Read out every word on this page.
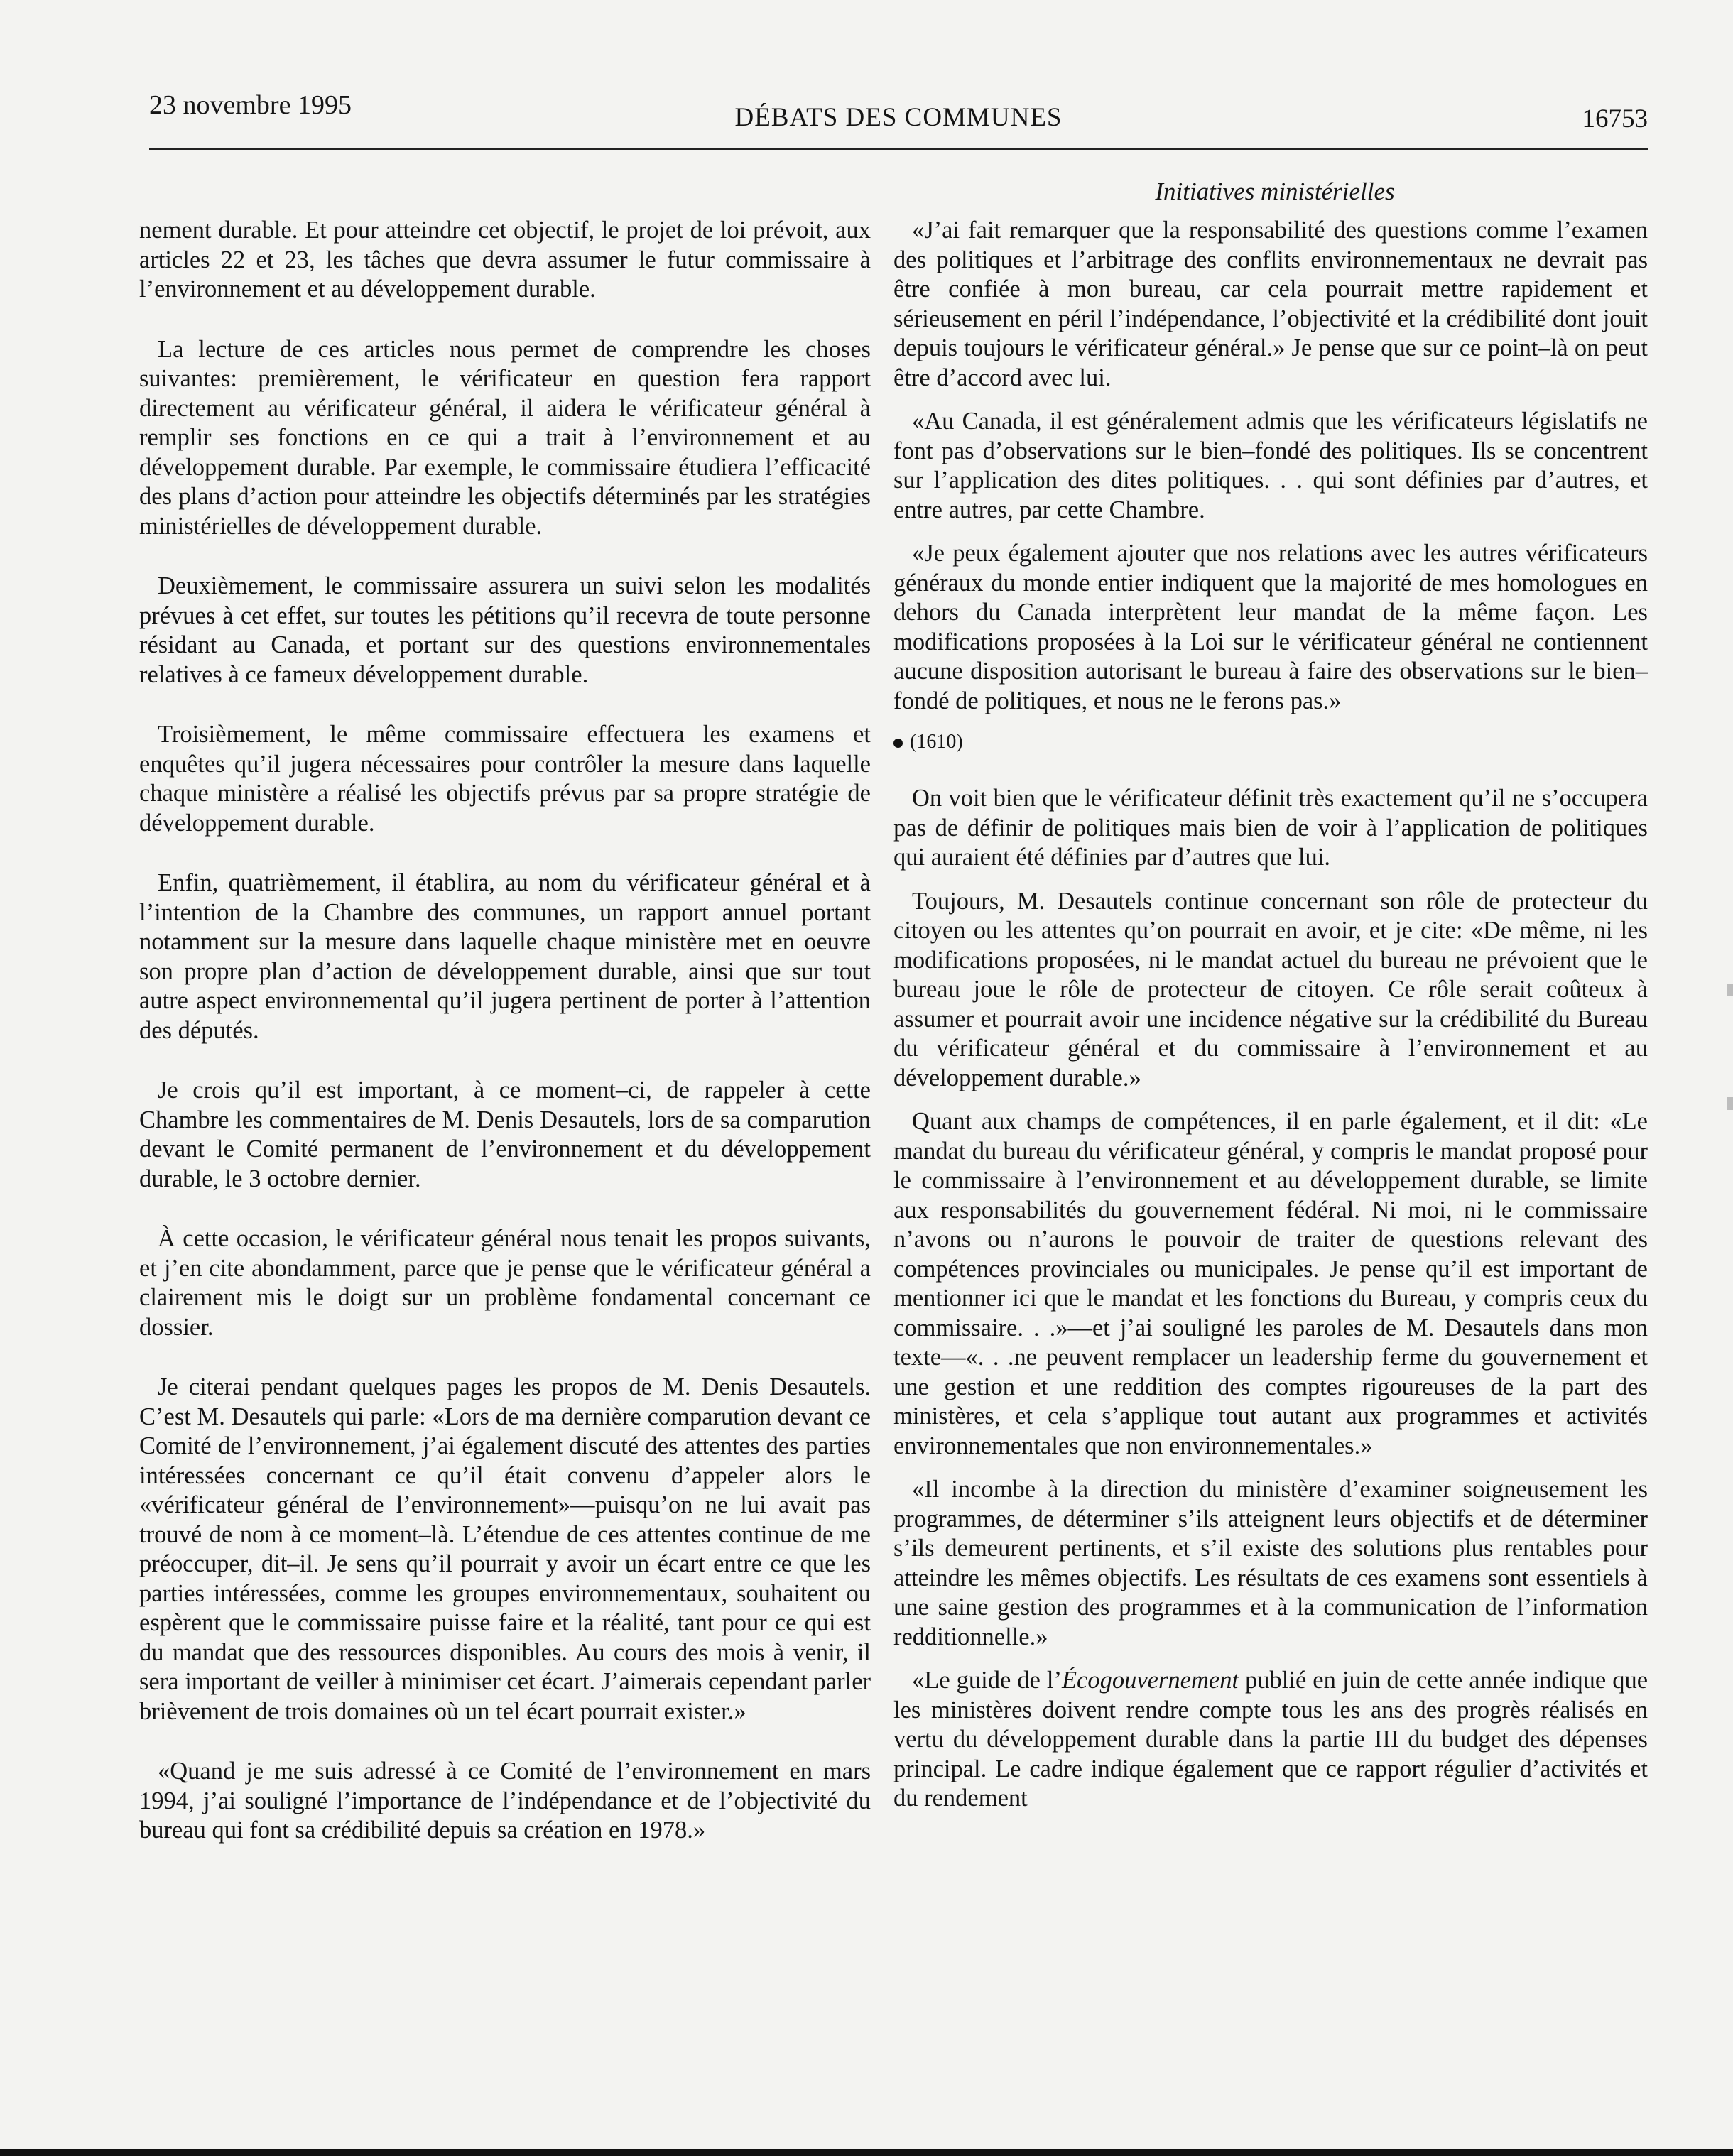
23 novembre 1995	DÉBATS DES COMMUNES	16753
Initiatives ministérielles

nement durable. Et pour atteindre cet objectif, le projet de loi prévoit, aux articles 22 et 23, les tâches que devra assumer le futur commissaire à l’environnement et au développement durable.

La lecture de ces articles nous permet de comprendre les choses suivantes: premièrement, le vérificateur en question fera rapport directement au vérificateur général, il aidera le vérificateur général à remplir ses fonctions en ce qui a trait à l’environnement et au développement durable. Par exemple, le commissaire étudiera l’efficacité des plans d’action pour atteindre les objectifs déterminés par les stratégies ministérielles de développement durable.

Deuxièmement, le commissaire assurera un suivi selon les modalités prévues à cet effet, sur toutes les pétitions qu’il recevra de toute personne résidant au Canada, et portant sur des questions environnementales relatives à ce fameux développement durable.

Troisièmement, le même commissaire effectuera les examens et enquêtes qu’il jugera nécessaires pour contrôler la mesure dans laquelle chaque ministère a réalisé les objectifs prévus par sa propre stratégie de développement durable.

Enfin, quatrièmement, il établira, au nom du vérificateur général et à l’intention de la Chambre des communes, un rapport annuel portant notamment sur la mesure dans laquelle chaque ministère met en oeuvre son propre plan d’action de développement durable, ainsi que sur tout autre aspect environnemental qu’il jugera pertinent de porter à l’attention des députés.

Je crois qu’il est important, à ce moment–ci, de rappeler à cette Chambre les commentaires de M. Denis Desautels, lors de sa comparution devant le Comité permanent de l’environnement et du développement durable, le 3 octobre dernier.

À cette occasion, le vérificateur général nous tenait les propos suivants, et j’en cite abondamment, parce que je pense que le vérificateur général a clairement mis le doigt sur un problème fondamental concernant ce dossier.

Je citerai pendant quelques pages les propos de M. Denis Desautels. C’est M. Desautels qui parle: «Lors de ma dernière comparution devant ce Comité de l’environnement, j’ai également discuté des attentes des parties intéressées concernant ce qu’il était convenu d’appeler alors le «vérificateur général de l’environnement»—puisqu’on ne lui avait pas trouvé de nom à ce moment–là. L’étendue de ces attentes continue de me préoccuper, dit–il. Je sens qu’il pourrait y avoir un écart entre ce que les parties intéressées, comme les groupes environnementaux, souhaitent ou espèrent que le commissaire puisse faire et la réalité, tant pour ce qui est du mandat que des ressources disponibles. Au cours des mois à venir, il sera important de veiller à minimiser cet écart. J’aimerais cependant parler brièvement de trois domaines où un tel écart pourrait exister.»

«Quand je me suis adressé à ce Comité de l’environnement en mars 1994, j’ai souligné l’importance de l’indépendance et de l’objectivité du bureau qui font sa crédibilité depuis sa création en 1978.»

«J’ai fait remarquer que la responsabilité des questions comme l’examen des politiques et l’arbitrage des conflits environnementaux ne devrait pas être confiée à mon bureau, car cela pourrait mettre rapidement et sérieusement en péril l’indépendance, l’objectivité et la crédibilité dont jouit depuis toujours le vérificateur général.» Je pense que sur ce point–là on peut être d’accord avec lui.

«Au Canada, il est généralement admis que les vérificateurs législatifs ne font pas d’observations sur le bien–fondé des politiques. Ils se concentrent sur l’application des dites politiques. . . qui sont définies par d’autres, et entre autres, par cette Chambre.

«Je peux également ajouter que nos relations avec les autres vérificateurs généraux du monde entier indiquent que la majorité de mes homologues en dehors du Canada interprètent leur mandat de la même façon. Les modifications proposées à la Loi sur le vérificateur général ne contiennent aucune disposition autorisant le bureau à faire des observations sur le bien–fondé de politiques, et nous ne le ferons pas.»

(1610)

On voit bien que le vérificateur définit très exactement qu’il ne s’occupera pas de définir de politiques mais bien de voir à l’application de politiques qui auraient été définies par d’autres que lui.

Toujours, M. Desautels continue concernant son rôle de protecteur du citoyen ou les attentes qu’on pourrait en avoir, et je cite: «De même, ni les modifications proposées, ni le mandat actuel du bureau ne prévoient que le bureau joue le rôle de protecteur de citoyen. Ce rôle serait coûteux à assumer et pourrait avoir une incidence négative sur la crédibilité du Bureau du vérificateur général et du commissaire à l’environnement et au développement durable.»

Quant aux champs de compétences, il en parle également, et il dit: «Le mandat du bureau du vérificateur général, y compris le mandat proposé pour le commissaire à l’environnement et au développement durable, se limite aux responsabilités du gouvernement fédéral. Ni moi, ni le commissaire n’avons ou n’aurons le pouvoir de traiter de questions relevant des compétences provinciales ou municipales. Je pense qu’il est important de mentionner ici que le mandat et les fonctions du Bureau, y compris ceux du commissaire. . .»—et j’ai souligné les paroles de M. Desautels dans mon texte—«. . .ne peuvent remplacer un leadership ferme du gouvernement et une gestion et une reddition des comptes rigoureuses de la part des ministères, et cela s’applique tout autant aux programmes et activités environnementales que non environnementales.»

«Il incombe à la direction du ministère d’examiner soigneusement les programmes, de déterminer s’ils atteignent leurs objectifs et de déterminer s’ils demeurent pertinents, et s’il existe des solutions plus rentables pour atteindre les mêmes objectifs. Les résultats de ces examens sont essentiels à une saine gestion des programmes et à la communication de l’information redditionnelle.»

«Le guide de l’Écogouvernement publié en juin de cette année indique que les ministères doivent rendre compte tous les ans des progrès réalisés en vertu du développement durable dans la partie III du budget des dépenses principal. Le cadre indique également que ce rapport régulier d’activités et du rendement
